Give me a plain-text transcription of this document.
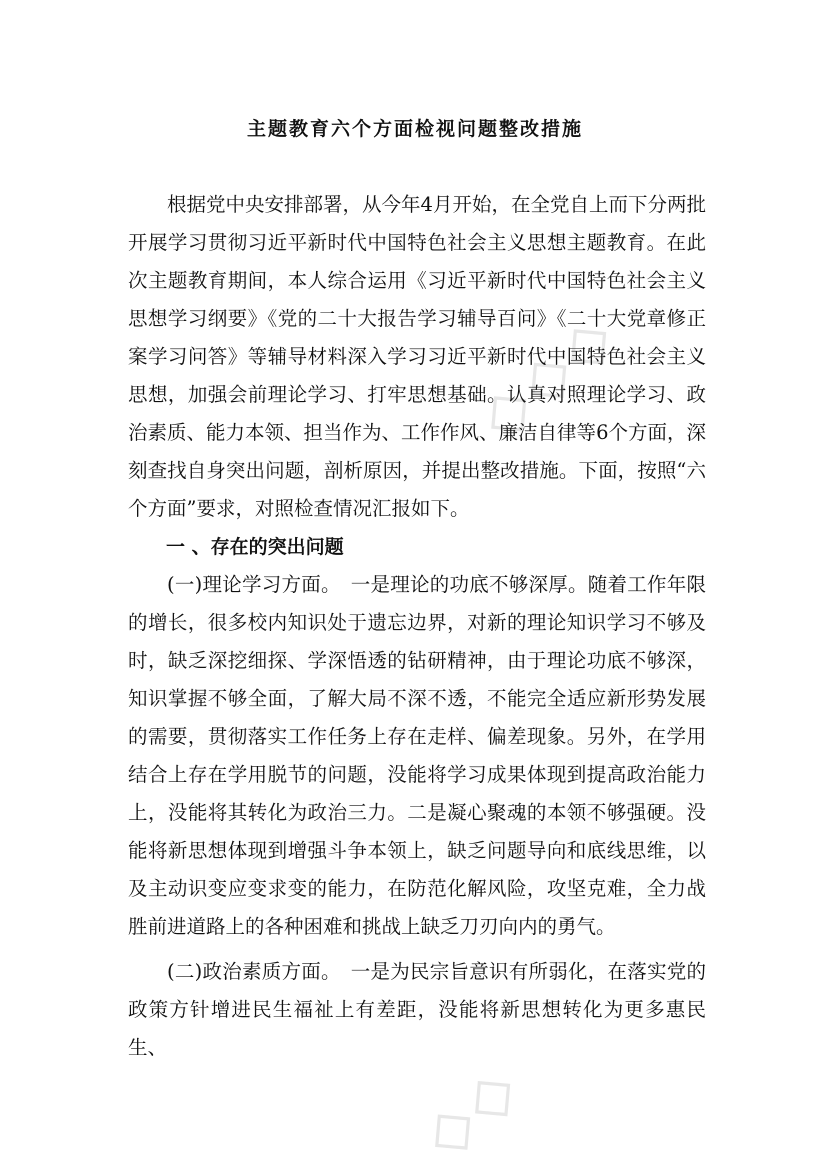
◇◇◇
◇◇
主题教育六个方面检视问题整改措施

根据党中央安排部署，从今年4月开始，在全党自上而下分两批开展学习贯彻习近平新时代中国特色社会主义思想主题教育。在此次主题教育期间，本人综合运用《习近平新时代中国特色社会主义思想学习纲要》《党的二十大报告学习辅导百问》《二十大党章修正案学习问答》等辅导材料深入学习习近平新时代中国特色社会主义思想，加强会前理论学习、打牢思想基础。认真对照理论学习、政治素质、能力本领、担当作为、工作作风、廉洁自律等6个方面，深刻查找自身突出问题，剖析原因，并提出整改措施。下面，按照“六个方面”要求，对照检查情况汇报如下。

一 、存在的突出问题

(一)理论学习方面。　一是理论的功底不够深厚。随着工作年限的增长，很多校内知识处于遗忘边界，对新的理论知识学习不够及时，缺乏深挖细探、学深悟透的钻研精神，由于理论功底不够深，知识掌握不够全面，了解大局不深不透，不能完全适应新形势发展的需要，贯彻落实工作任务上存在走样、偏差现象。另外，在学用结合上存在学用脱节的问题，没能将学习成果体现到提高政治能力上，没能将其转化为政治三力。二是凝心聚魂的本领不够强硬。没能将新思想体现到增强斗争本领上，缺乏问题导向和底线思维，以及主动识变应变求变的能力，在防范化解风险，攻坚克难，全力战胜前进道路上的各种困难和挑战上缺乏刀刃向内的勇气。

(二)政治素质方面。　一是为民宗旨意识有所弱化，在落实党的政策方针增进民生福祉上有差距，没能将新思想转化为更多惠民生、
